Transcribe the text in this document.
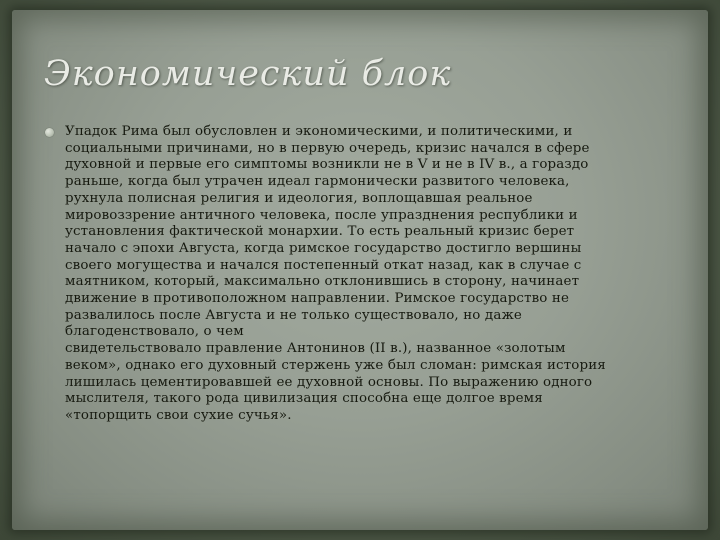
Экономический блок

Упадок Рима был обусловлен и экономическими, и политическими, и
социальными причинами, но в первую очередь, кризис начался в сфере
духовной и первые его симптомы возникли не в V и не в IV в., а гораздо
раньше, когда был утрачен идеал гармонически развитого человека,
рухнула полисная религия и идеология, воплощавшая реальное
мировоззрение античного человека, после упразднения республики и
установления фактической монархии. То есть реальный кризис берет
начало с эпохи Августа, когда римское государство достигло вершины
своего могущества и начался постепенный откат назад, как в случае с
маятником, который, максимально отклонившись в сторону, начинает
движение в противоположном направлении. Римское государство не
развалилось после Августа и не только существовало, но даже
благоденствовало, о чем
свидетельствовало правление Антонинов (II в.), названное «золотым
веком», однако его духовный стержень уже был сломан: римская история
лишилась цементировавшей ее духовной основы. По выражению одного
мыслителя, такого рода цивилизация способна еще долгое время
«топорщить свои сухие сучья».
